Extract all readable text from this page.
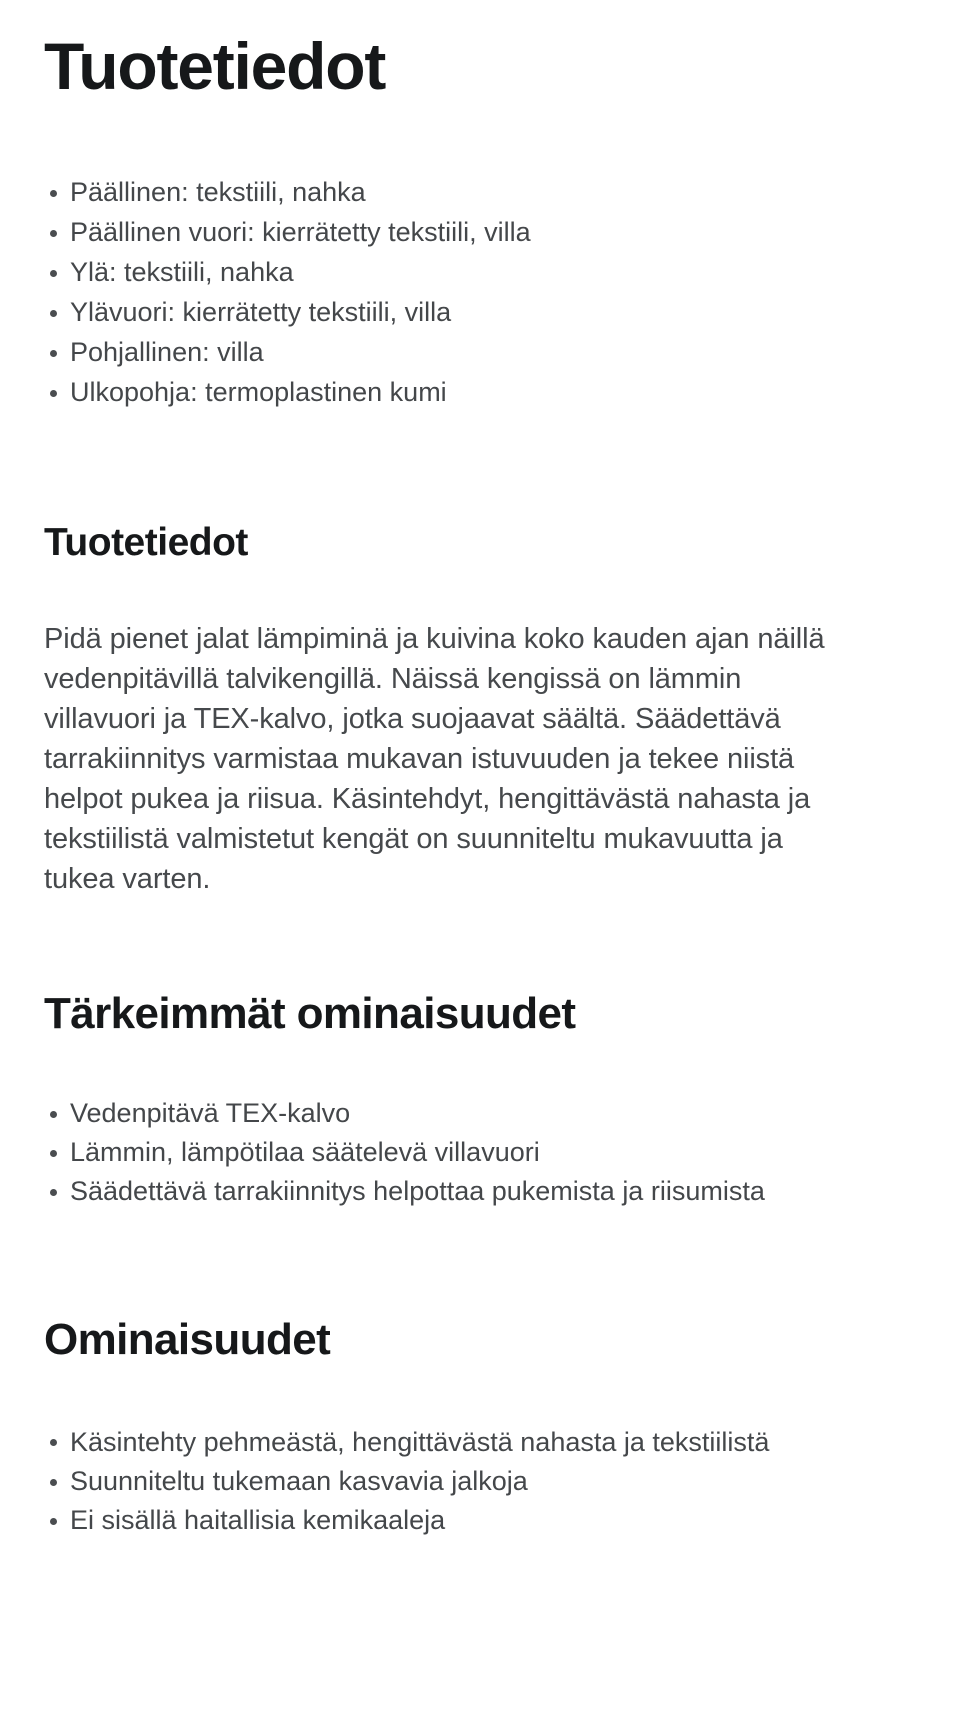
Tuotetiedot
Päällinen: tekstiili, nahka
Päällinen vuori: kierrätetty tekstiili, villa
Ylä: tekstiili, nahka
Ylävuori: kierrätetty tekstiili, villa
Pohjallinen: villa
Ulkopohja: termoplastinen kumi
Tuotetiedot

Pidä pienet jalat lämpiminä ja kuivina koko kauden ajan näillä vedenpitävillä talvikengillä. Näissä kengissä on lämmin villavuori ja TEX-kalvo, jotka suojaavat säältä. Säädettävä tarrakiinnitys varmistaa mukavan istuvuuden ja tekee niistä helpot pukea ja riisua. Käsintehdyt, hengittävästä nahasta ja tekstiilistä valmistetut kengät on suunniteltu mukavuutta ja tukea varten.

Tärkeimmät ominaisuudet
Vedenpitävä TEX-kalvo
Lämmin, lämpötilaa säätelevä villavuori
Säädettävä tarrakiinnitys helpottaa pukemista ja riisumista
Ominaisuudet
Käsintehty pehmeästä, hengittävästä nahasta ja tekstiilistä
Suunniteltu tukemaan kasvavia jalkoja
Ei sisällä haitallisia kemikaaleja
